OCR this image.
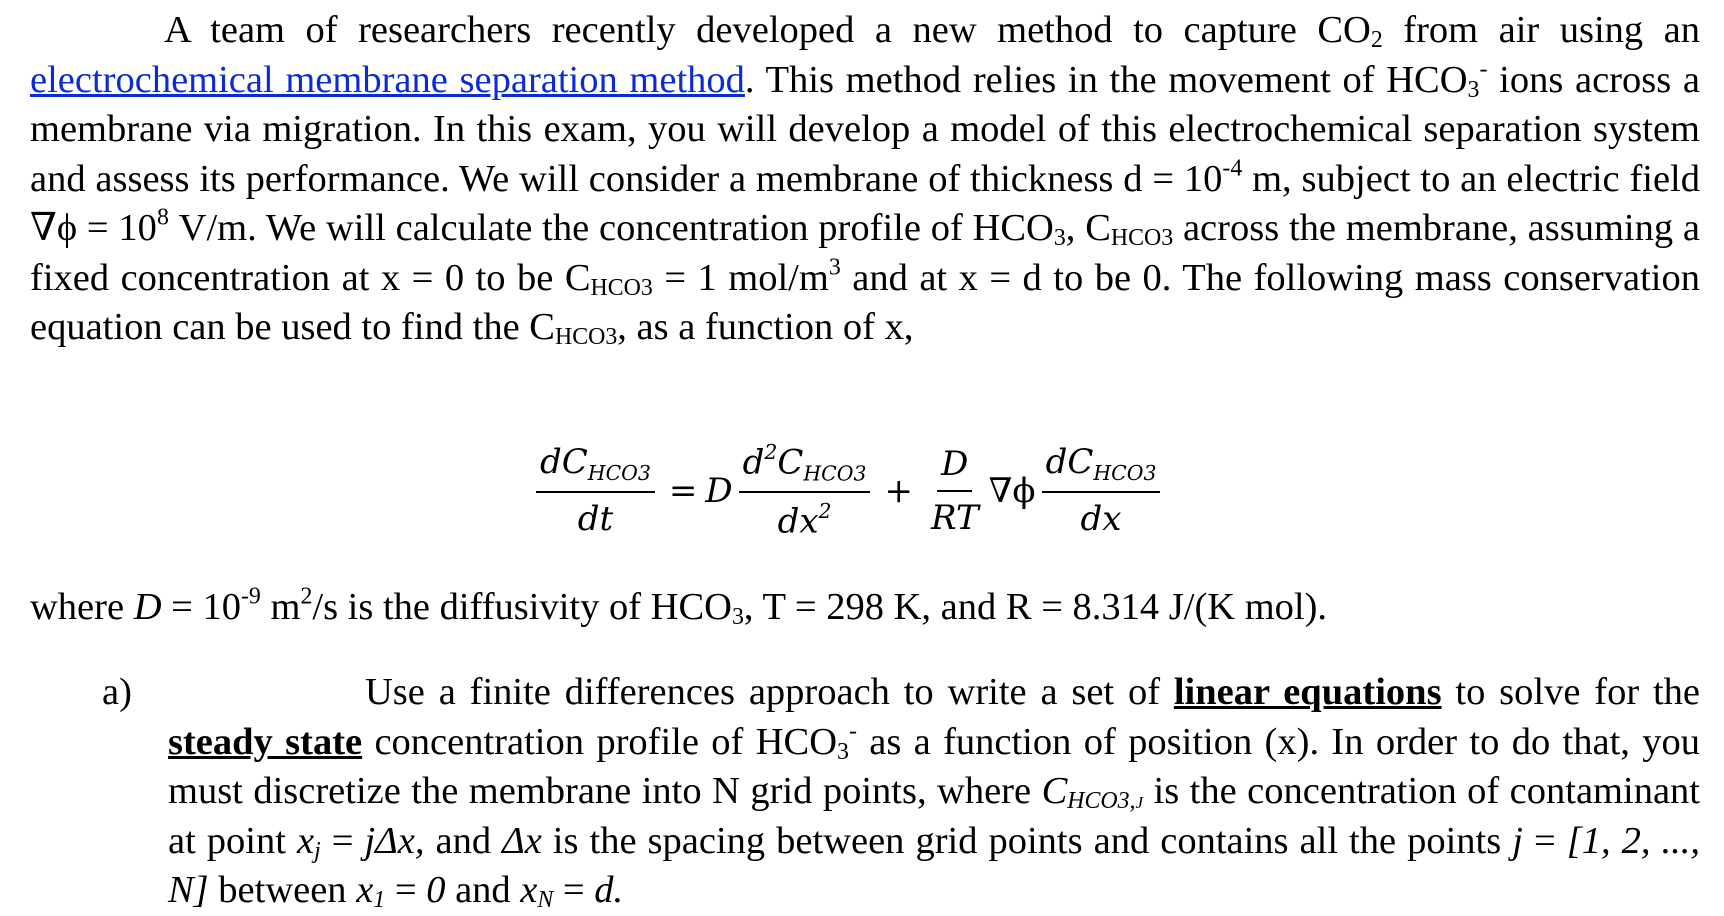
A team of researchers recently developed a new method to capture $CO_2$ from air using an electrochemical membrane separation method. This method relies in the movement of $HCO_3^-$ ions across a membrane via migration. In this exam, you will develop a model of this electrochemical separation system and assess its performance. We will consider a membrane of thickness $d = 10^{-4}$ m, subject to an electric field $\nabla\phi = 10^8$ V/m. We will calculate the concentration profile of $HCO_3$, $C_{HCO3}$ across the membrane, assuming a fixed concentration at x = 0 to be $C_{HCO3} = 1$ mol/$m^3$ and at x = d to be 0. The following mass conservation equation can be used to find the $C_{HCO3}$, as a function of x,
$\frac{dC_{HCO3}}{dt} = D \frac{d^2C_{HCO3}}{dx^2} + \frac{D}{RT} \nabla\phi \frac{dC_{HCO3}}{dx}$
where $D = 10^{-9}$ $m^2/s$ is the diffusivity of $HCO_3$, T = 298 K, and R = 8.314 J/(K mol).
a)	Use a finite differences approach to write a set of linear equations to solve for the steady state concentration profile of $HCO_3^-$ as a function of position (x). In order to do that, you must discretize the membrane into N grid points, where $C_{HCO3,j}$ is the concentration of contaminant at point $x_j = j\Delta x$, and Δx is the spacing between grid points and contains all the points j = [1, 2, ..., N] between $x_1 = 0$ and $x_N = d$.
